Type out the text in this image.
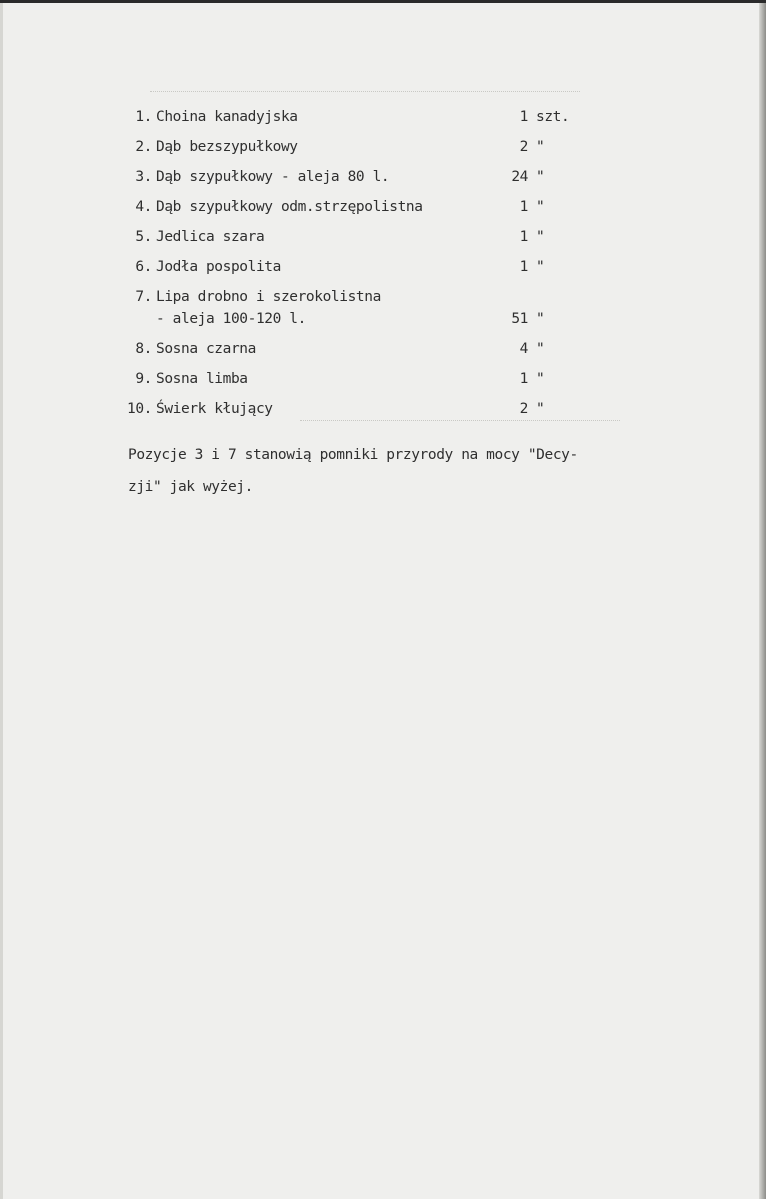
1. Choina kanadyjska	1 szt.
2. Dąb bezszypułkowy	2 "
3. Dąb szypułkowy - aleja 80 l.	24 "
4. Dąb szypułkowy odm.strzępolistna	1 "
5. Jedlica szara	1 "
6. Jodła pospolita	1 "
7. Lipa drobno i szerokolistna
- aleja 100-120 l.	51 "
8. Sosna czarna	4 "
9. Sosna limba	1 "
10. Świerk kłujący	2 "
Pozycje 3 i 7 stanowią pomniki przyrody na mocy "Decy-
zji" jak wyżej.
